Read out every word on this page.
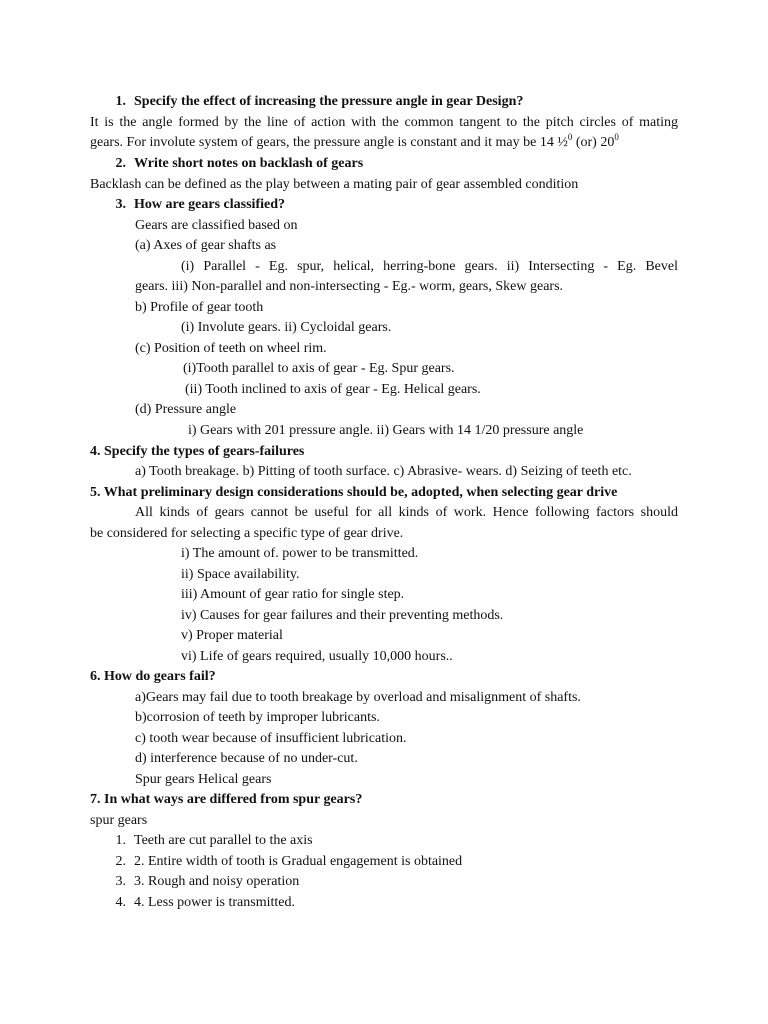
1. Specify the effect of increasing the pressure angle in gear Design?
It is the angle formed by the line of action with the common tangent to the pitch circles of mating
gears. For involute system of gears, the pressure angle is constant and it may be 14 ½$^0$ (or) $20^0$
2. Write short notes on backlash of gears
Backlash can be defined as the play between a mating pair of gear assembled condition
3. How are gears classified?
Gears are classified based on
(a) Axes of gear shafts as
(i) Parallel - Eg. spur, helical, herring-bone gears. ii) Intersecting - Eg. Bevel
gears. iii) Non-parallel and non-intersecting - Eg.- worm, gears, Skew gears.
b) Profile of gear tooth
(i) Involute gears. ii) Cycloidal gears.
(c) Position of teeth on wheel rim.
(i)Tooth parallel to axis of gear - Eg. Spur gears.
(ii) Tooth inclined to axis of gear - Eg. Helical gears.
(d) Pressure angle
i) Gears with 201 pressure angle. ii) Gears with 14 1/20 pressure angle
4. Specify the types of gears-failures
a) Tooth breakage. b) Pitting of tooth surface. c) Abrasive- wears. d) Seizing of teeth etc.
5. What preliminary design considerations should be, adopted, when selecting gear drive
All kinds of gears cannot be useful for all kinds of work. Hence following factors should
be considered for selecting a specific type of gear drive.
i) The amount of. power to be transmitted.
ii) Space availability.
iii) Amount of gear ratio for single step.
iv) Causes for gear failures and their preventing methods.
v) Proper material
vi) Life of gears required, usually 10,000 hours..
6. How do gears fail?
a)Gears may fail due to tooth breakage by overload and misalignment of shafts.
b)corrosion of teeth by improper lubricants.
c) tooth wear because of insufficient lubrication.
d) interference because of no under-cut.
Spur gears Helical gears
7. In what ways are differed from spur gears?
spur gears
1. Teeth are cut parallel to the axis
2. 2. Entire width of tooth is Gradual engagement is obtained
3. 3. Rough and noisy operation
4. 4. Less power is transmitted.
